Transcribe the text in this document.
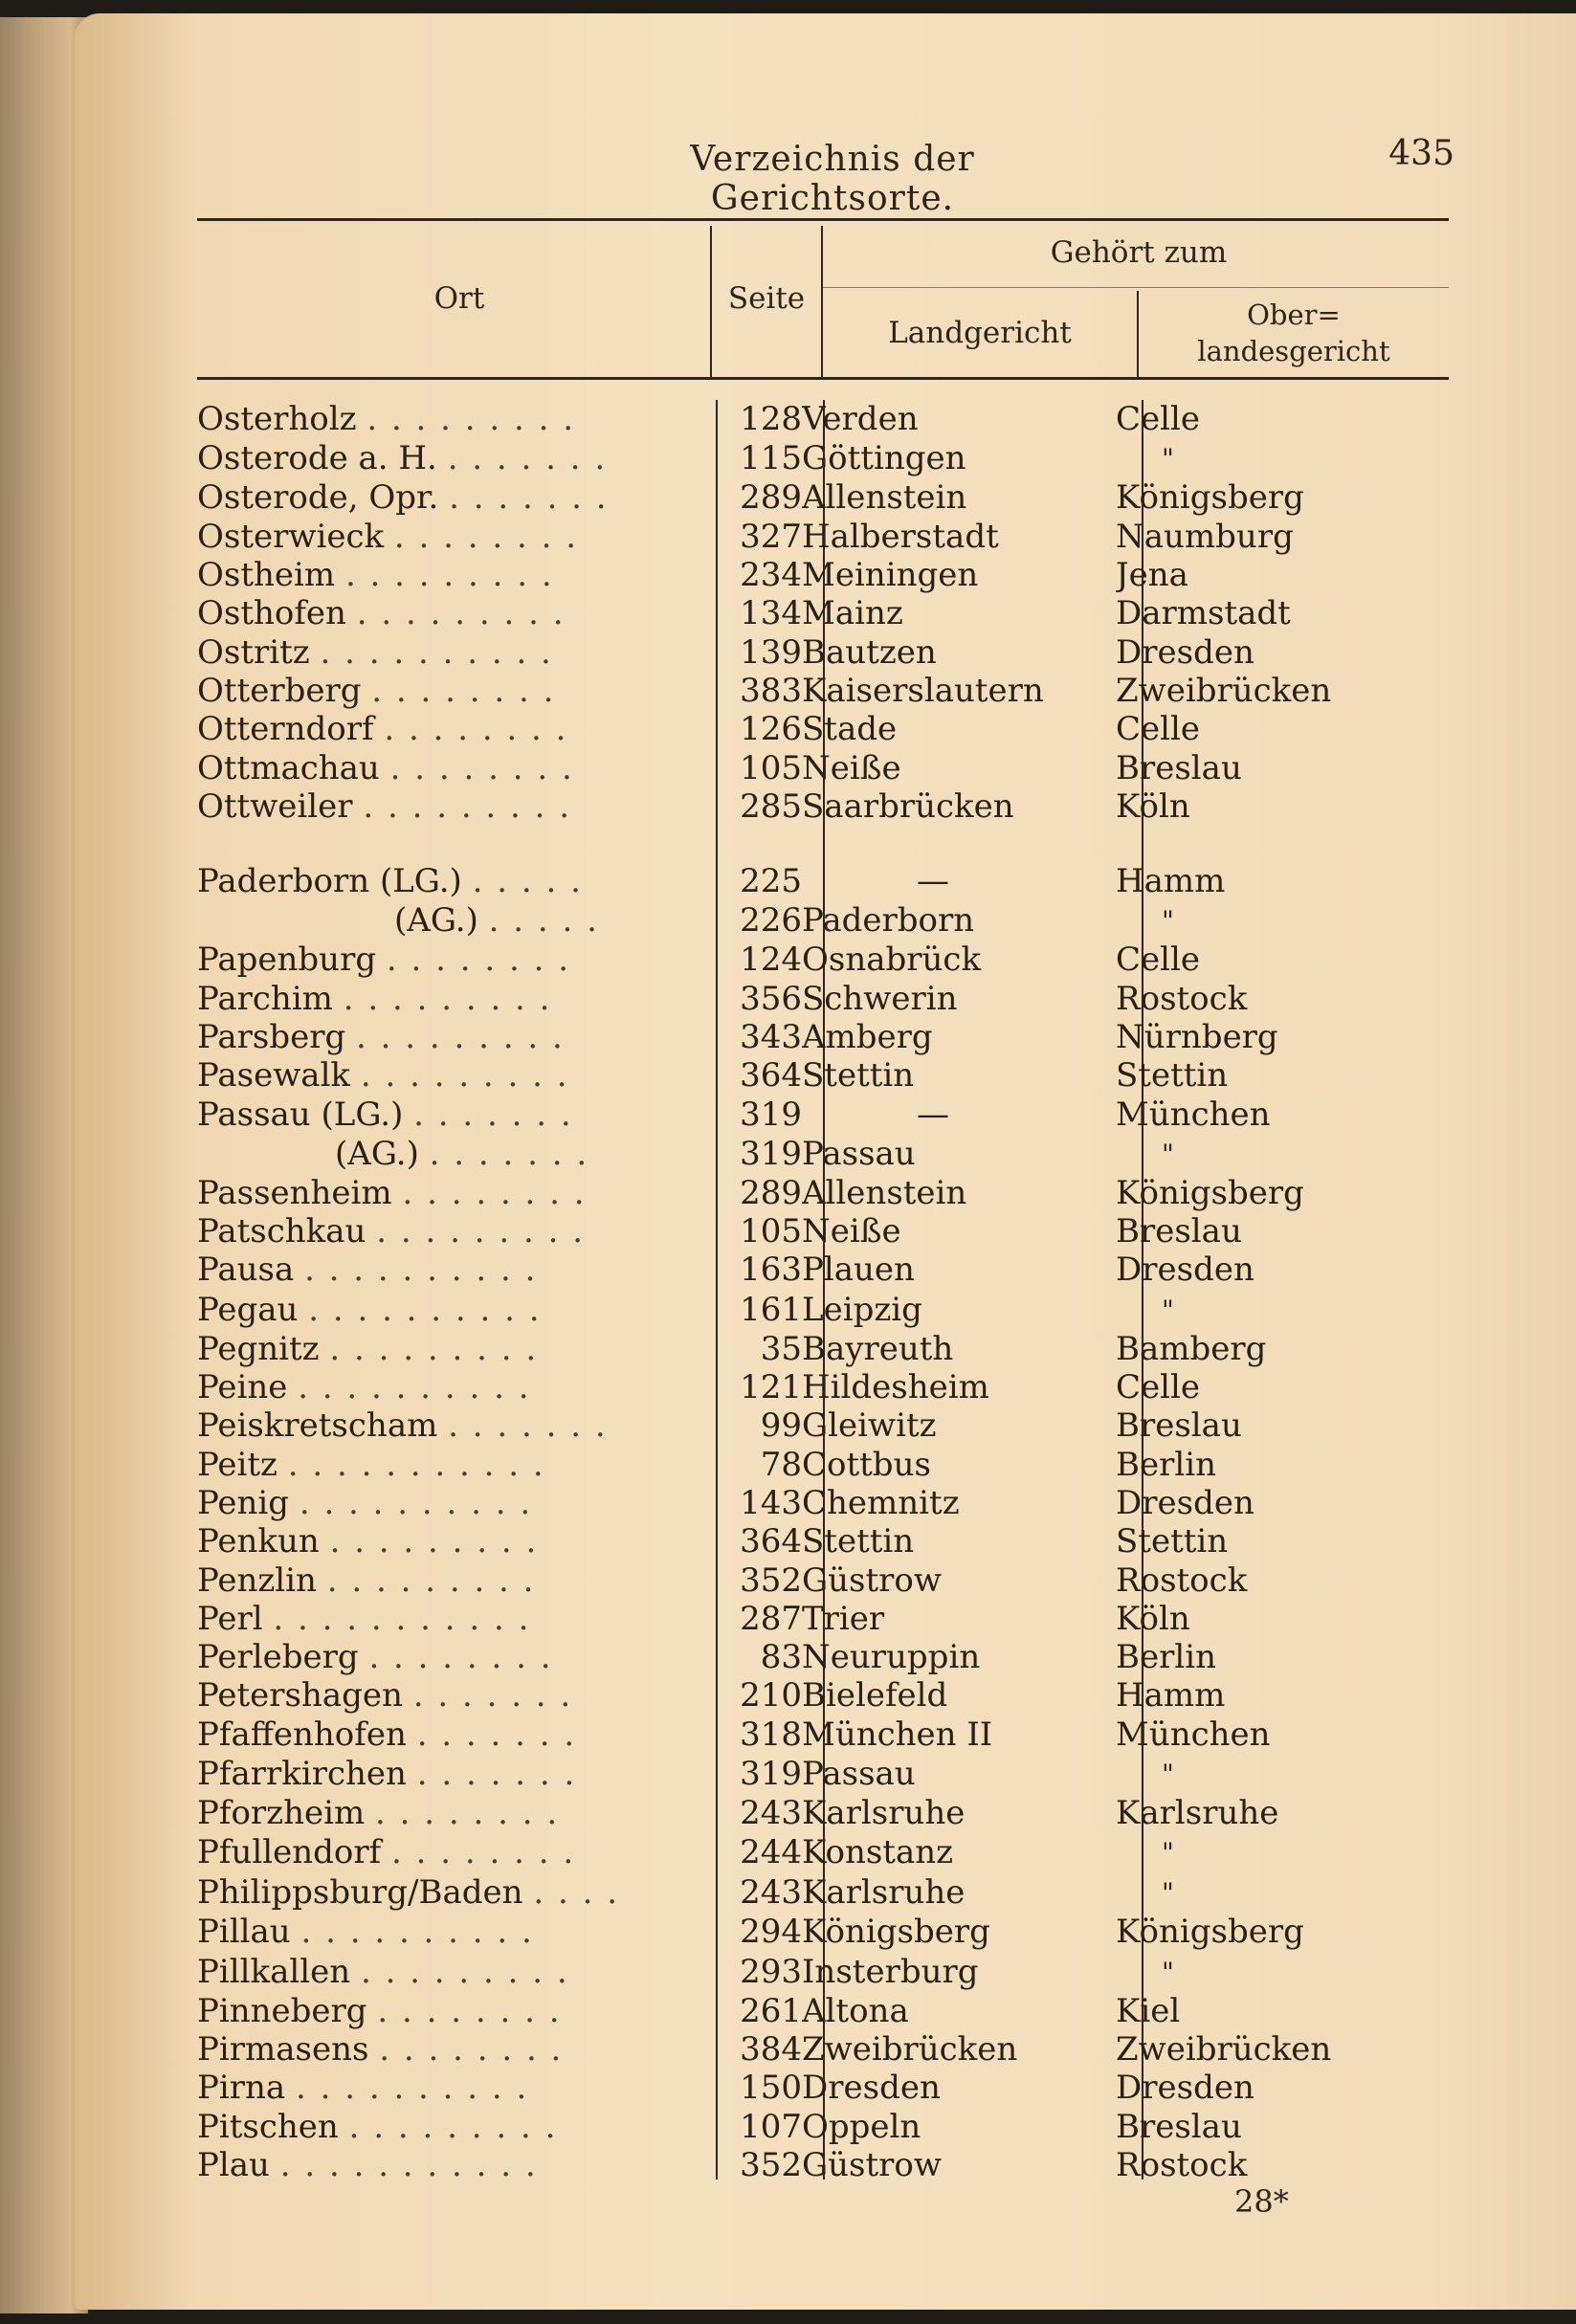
Verzeichnis der Gerichtsorte.
435
Ort	Seite
Gehört zum
Landgericht
Ober=
landesgericht
Osterholz . . . . . . . . .	128	Verden	Celle
Osterode a. H. . . . . . . .	115	Göttingen	"
Osterode, Opr. . . . . . . .	289	Allenstein	Königsberg
Osterwieck . . . . . . . .	327	Halberstadt	Naumburg
Ostheim . . . . . . . . .	234	Meiningen	Jena
Osthofen . . . . . . . . .	134	Mainz	Darmstadt
Ostritz . . . . . . . . . .	139	Bautzen	Dresden
Otterberg . . . . . . . .	383	Kaiserslautern	Zweibrücken
Otterndorf . . . . . . . .	126	Stade	Celle
Ottmachau . . . . . . . .	105	Neiße	Breslau
Ottweiler . . . . . . . . .	285	Saarbrücken	Köln

Paderborn (LG.) . . . . .	225	—	Hamm
(AG.) . . . . .	226	Paderborn	"
Papenburg . . . . . . . .	124	Osnabrück	Celle
Parchim . . . . . . . . .	356	Schwerin	Rostock
Parsberg . . . . . . . . .	343	Amberg	Nürnberg
Pasewalk . . . . . . . . .	364	Stettin	Stettin
Passau (LG.) . . . . . . .	319	—	München
(AG.) . . . . . . .	319	Passau	"
Passenheim . . . . . . . .	289	Allenstein	Königsberg
Patschkau . . . . . . . . .	105	Neiße	Breslau
Pausa . . . . . . . . . .	163	Plauen	Dresden
Pegau . . . . . . . . . .	161	Leipzig	"
Pegnitz . . . . . . . . .	35	Bayreuth	Bamberg
Peine . . . . . . . . . .	121	Hildesheim	Celle
Peiskretscham . . . . . . .	99	Gleiwitz	Breslau
Peitz . . . . . . . . . . .	78	Cottbus	Berlin
Penig . . . . . . . . . .	143	Chemnitz	Dresden
Penkun . . . . . . . . .	364	Stettin	Stettin
Penzlin . . . . . . . . .	352	Güstrow	Rostock
Perl . . . . . . . . . . .	287	Trier	Köln
Perleberg . . . . . . . .	83	Neuruppin	Berlin
Petershagen . . . . . . .	210	Bielefeld	Hamm
Pfaffenhofen . . . . . . .	318	München II	München
Pfarrkirchen . . . . . . .	319	Passau	"
Pforzheim . . . . . . . .	243	Karlsruhe	Karlsruhe
Pfullendorf . . . . . . . .	244	Konstanz	"
Philippsburg/Baden . . . .	243	Karlsruhe	"
Pillau . . . . . . . . . .	294	Königsberg	Königsberg
Pillkallen . . . . . . . . .	293	Insterburg	"
Pinneberg . . . . . . . .	261	Altona	Kiel
Pirmasens . . . . . . . .	384	Zweibrücken	Zweibrücken
Pirna . . . . . . . . . .	150	Dresden	Dresden
Pitschen . . . . . . . . .	107	Oppeln	Breslau
Plau . . . . . . . . . . .	352	Güstrow	Rostock
28*
